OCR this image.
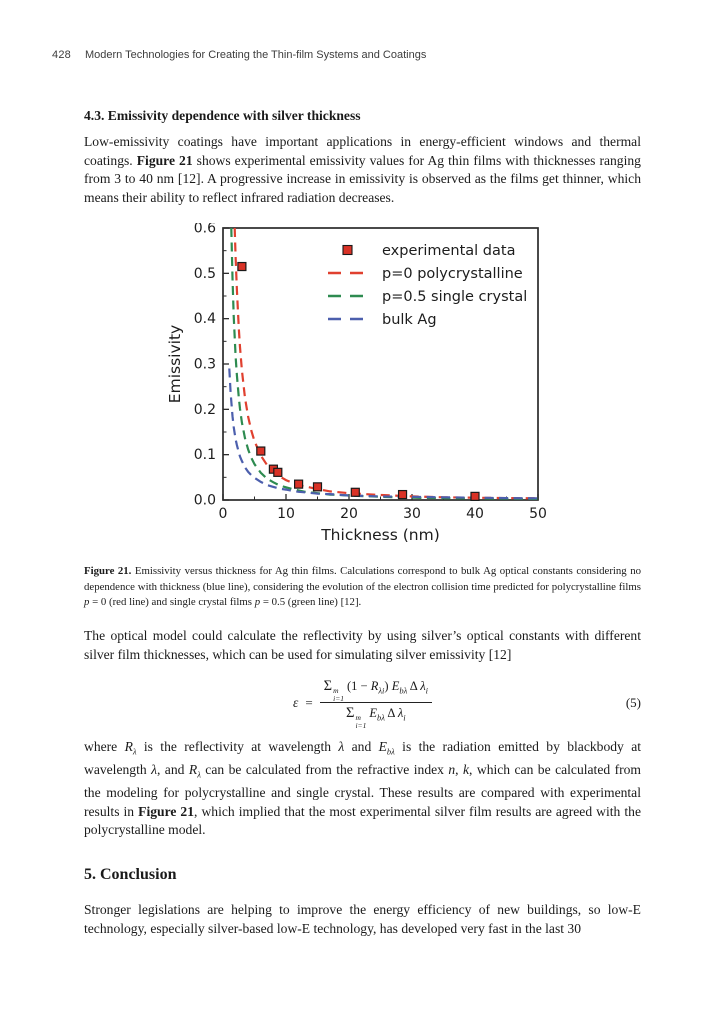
428 Modern Technologies for Creating the Thin-film Systems and Coatings
4.3. Emissivity dependence with silver thickness

Low-emissivity coatings have important applications in energy-efficient windows and thermal coatings. Figure 21 shows experimental emissivity values for Ag thin films with thicknesses ranging from 3 to 40 nm [12]. A progressive increase in emissivity is observed as the films get thinner, which means their ability to reflect infrared radiation decreases.

0	10	20	30	40	50
0.0
0.1
0.2
0.3
0.4
0.5
0.6
Thickness (nm)
Emissivity
experimental data
p=0 polycrystalline
p=0.5 single crystal
bulk Ag
Figure 21. Emissivity versus thickness for Ag thin films. Calculations correspond to bulk Ag optical constants considering no dependence with thickness (blue line), considering the evolution of the electron collision time predicted for polycrystalline films p = 0 (red line) and single crystal films p = 0.5 (green line) [12].

The optical model could calculate the reflectivity by using silver’s optical constants with different silver film thicknesses, which can be used for simulating silver emissivity [12]

ε = Σ m
i=1
$(1 - R_{\lambda i})$ $E_{b\lambda}$ Δ $\lambda_i$
Σ m
i=1
$E_{b\lambda}$ Δ $\lambda_i$	(5)

where $R_\lambda$ is the reflectivity at wavelength λ and $E_{b\lambda}$ is the radiation emitted by blackbody at wavelength λ, and $R_\lambda$ can be calculated from the refractive index n, k, which can be calculated from the modeling for polycrystalline and single crystal. These results are compared with experimental results in Figure 21, which implied that the most experimental silver film results are agreed with the polycrystalline model.

5. Conclusion

Stronger legislations are helping to improve the energy efficiency of new buildings, so low-E technology, especially silver-based low-E technology, has developed very fast in the last 30
